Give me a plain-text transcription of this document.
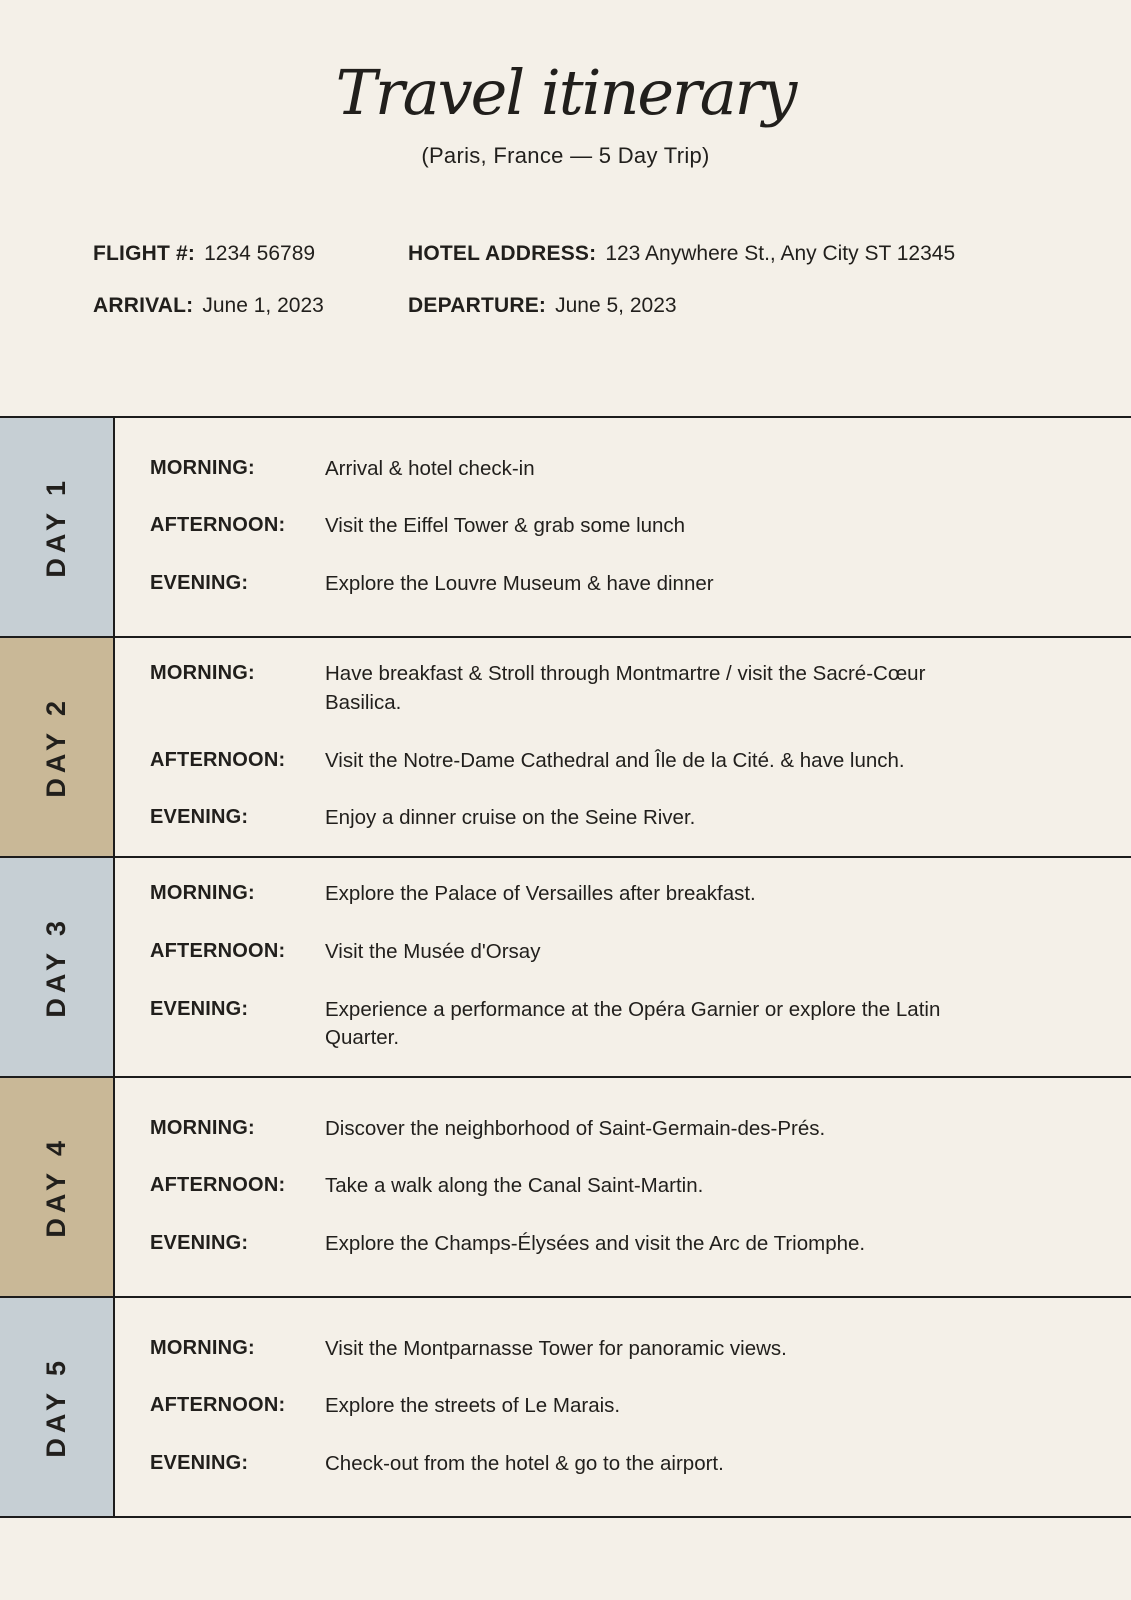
Travel itinerary
(Paris, France — 5 Day Trip)
FLIGHT #: 1234 56789	HOTEL ADDRESS: 123 Anywhere St., Any City ST 12345
ARRIVAL: June 1, 2023	DEPARTURE: June 5, 2023
DAY 1
MORNING:	Arrival & hotel check-in
AFTERNOON:	Visit the Eiffel Tower & grab some lunch
EVENING:	Explore the Louvre Museum & have dinner
DAY 2
MORNING:	Have breakfast & Stroll through Montmartre / visit the Sacré-Cœur Basilica.
AFTERNOON:	Visit the Notre-Dame Cathedral and Île de la Cité. & have lunch.
EVENING:	Enjoy a dinner cruise on the Seine River.
DAY 3
MORNING:	Explore the Palace of Versailles after breakfast.
AFTERNOON:	Visit the Musée d'Orsay
EVENING:	Experience a performance at the Opéra Garnier or explore the Latin Quarter.
DAY 4
MORNING:	Discover the neighborhood of Saint-Germain-des-Prés.
AFTERNOON:	Take a walk along the Canal Saint-Martin.
EVENING:	Explore the Champs-Élysées and visit the Arc de Triomphe.
DAY 5
MORNING:	Visit the Montparnasse Tower for panoramic views.
AFTERNOON:	Explore the streets of Le Marais.
EVENING:	Check-out from the hotel & go to the airport.
